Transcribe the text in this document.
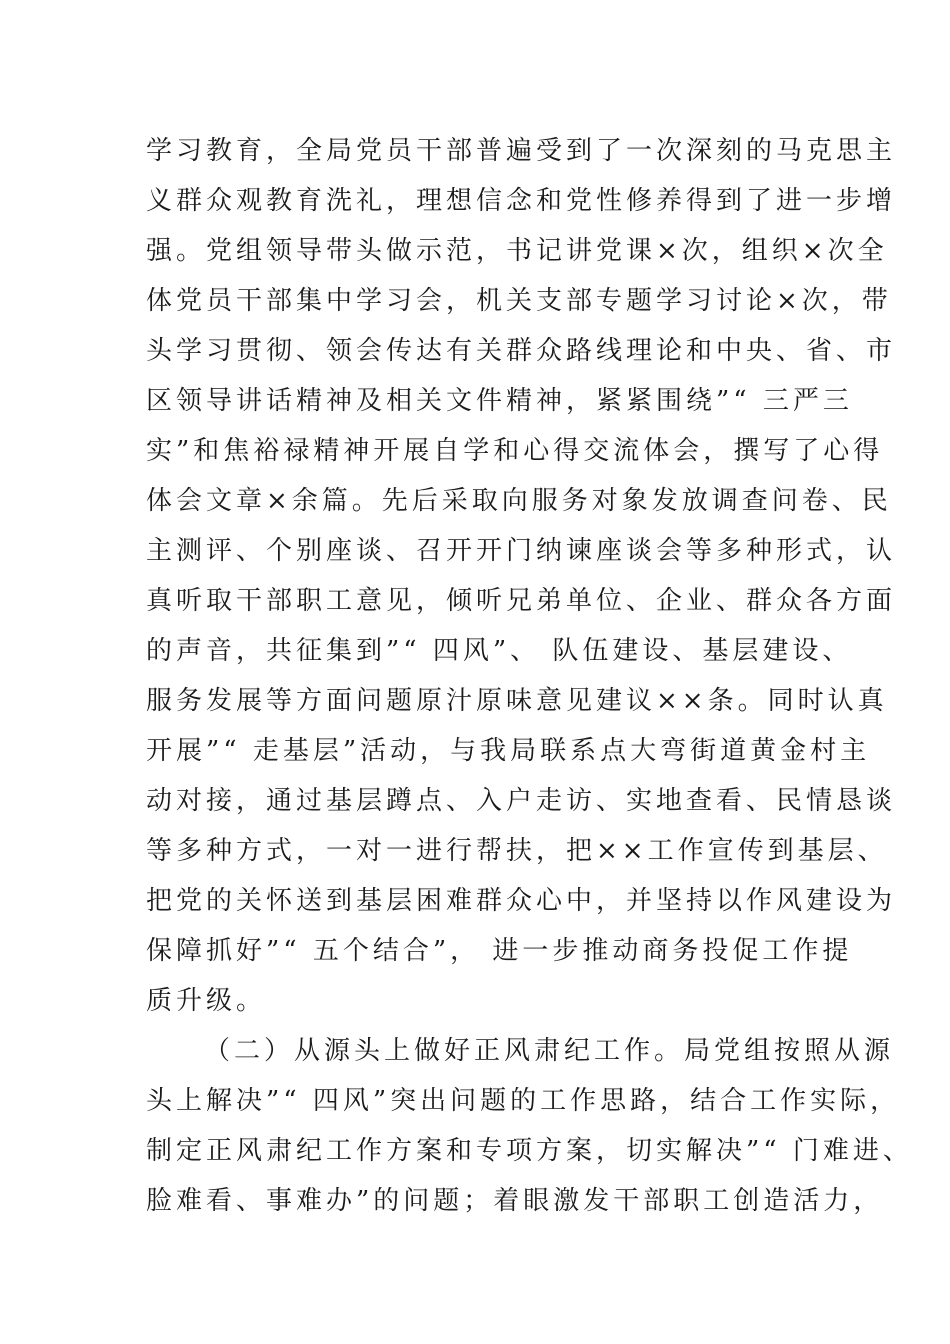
学习教育，全局党员干部普遍受到了一次深刻的马克思主
义群众观教育洗礼，理想信念和党性修养得到了进一步增
强。党组领导带头做示范，书记讲党课×次，组织×次全
体党员干部集中学习会，机关支部专题学习讨论×次，带
头学习贯彻、领会传达有关群众路线理论和中央、省、市
区领导讲话精神及相关文件精神，紧紧围绕”“ 三严三
实”和焦裕禄精神开展自学和心得交流体会，撰写了心得
体会文章×余篇。先后采取向服务对象发放调查问卷、民
主测评、个别座谈、召开开门纳谏座谈会等多种形式，认
真听取干部职工意见，倾听兄弟单位、企业、群众各方面
的声音，共征集到”“ 四风”、 队伍建设、基层建设、
服务发展等方面问题原汁原味意见建议××条。同时认真
开展”“ 走基层”活动，与我局联系点大弯街道黄金村主
动对接，通过基层蹲点、入户走访、实地查看、民情恳谈
等多种方式，一对一进行帮扶，把××工作宣传到基层、
把党的关怀送到基层困难群众心中，并坚持以作风建设为
保障抓好”“ 五个结合”， 进一步推动商务投促工作提
质升级。
（二）从源头上做好正风肃纪工作。局党组按照从源
头上解决”“ 四风”突出问题的工作思路，结合工作实际，
制定正风肃纪工作方案和专项方案，切实解决”“ 门难进、
脸难看、事难办”的问题；着眼激发干部职工创造活力，
